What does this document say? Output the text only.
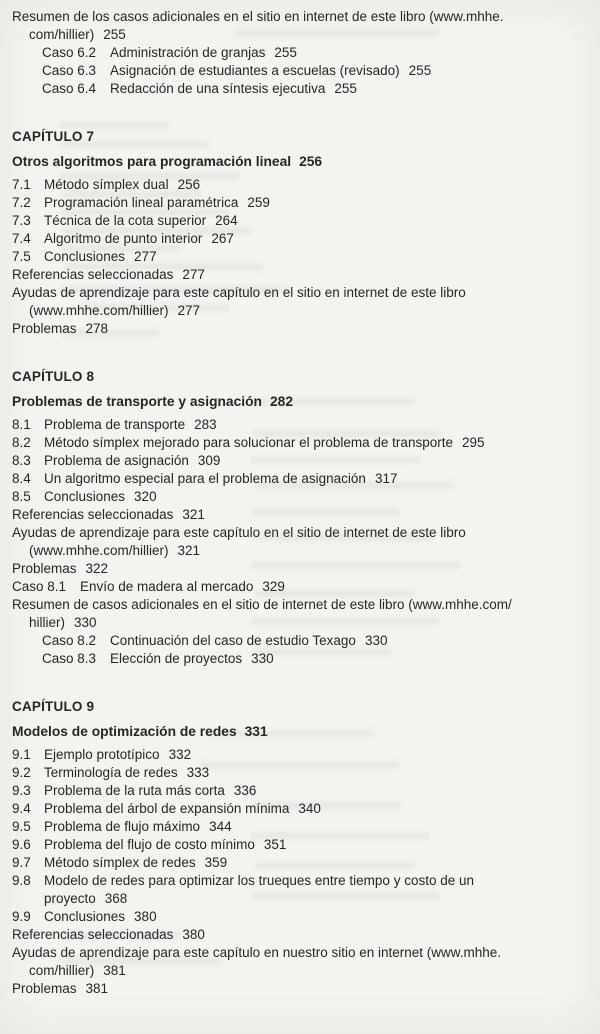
Resumen de los casos adicionales en el sitio en internet de este libro (www.mhhe.
com/hillier) 255
Caso 6.2 Administración de granjas 255
Caso 6.3 Asignación de estudiantes a escuelas (revisado) 255
Caso 6.4 Redacción de una síntesis ejecutiva 255
CAPÍTULO 7
Otros algoritmos para programación lineal 256
7.1 Método símplex dual 256
7.2 Programación lineal paramétrica 259
7.3 Técnica de la cota superior 264
7.4 Algoritmo de punto interior 267
7.5 Conclusiones 277
Referencias seleccionadas 277
Ayudas de aprendizaje para este capítulo en el sitio en internet de este libro
(www.mhhe.com/hillier) 277
Problemas 278
CAPÍTULO 8
Problemas de transporte y asignación 282
8.1 Problema de transporte 283
8.2 Método símplex mejorado para solucionar el problema de transporte 295
8.3 Problema de asignación 309
8.4 Un algoritmo especial para el problema de asignación 317
8.5 Conclusiones 320
Referencias seleccionadas 321
Ayudas de aprendizaje para este capítulo en el sitio de internet de este libro
(www.mhhe.com/hillier) 321
Problemas 322
Caso 8.1 Envío de madera al mercado 329
Resumen de casos adicionales en el sitio de internet de este libro (www.mhhe.com/
hillier) 330
Caso 8.2 Continuación del caso de estudio Texago 330
Caso 8.3 Elección de proyectos 330
CAPÍTULO 9
Modelos de optimización de redes 331
9.1 Ejemplo prototípico 332
9.2 Terminología de redes 333
9.3 Problema de la ruta más corta 336
9.4 Problema del árbol de expansión mínima 340
9.5 Problema de flujo máximo 344
9.6 Problema del flujo de costo mínimo 351
9.7 Método símplex de redes 359
9.8 Modelo de redes para optimizar los trueques entre tiempo y costo de un
proyecto 368
9.9 Conclusiones 380
Referencias seleccionadas 380
Ayudas de aprendizaje para este capítulo en nuestro sitio en internet (www.mhhe.
com/hillier) 381
Problemas 381
